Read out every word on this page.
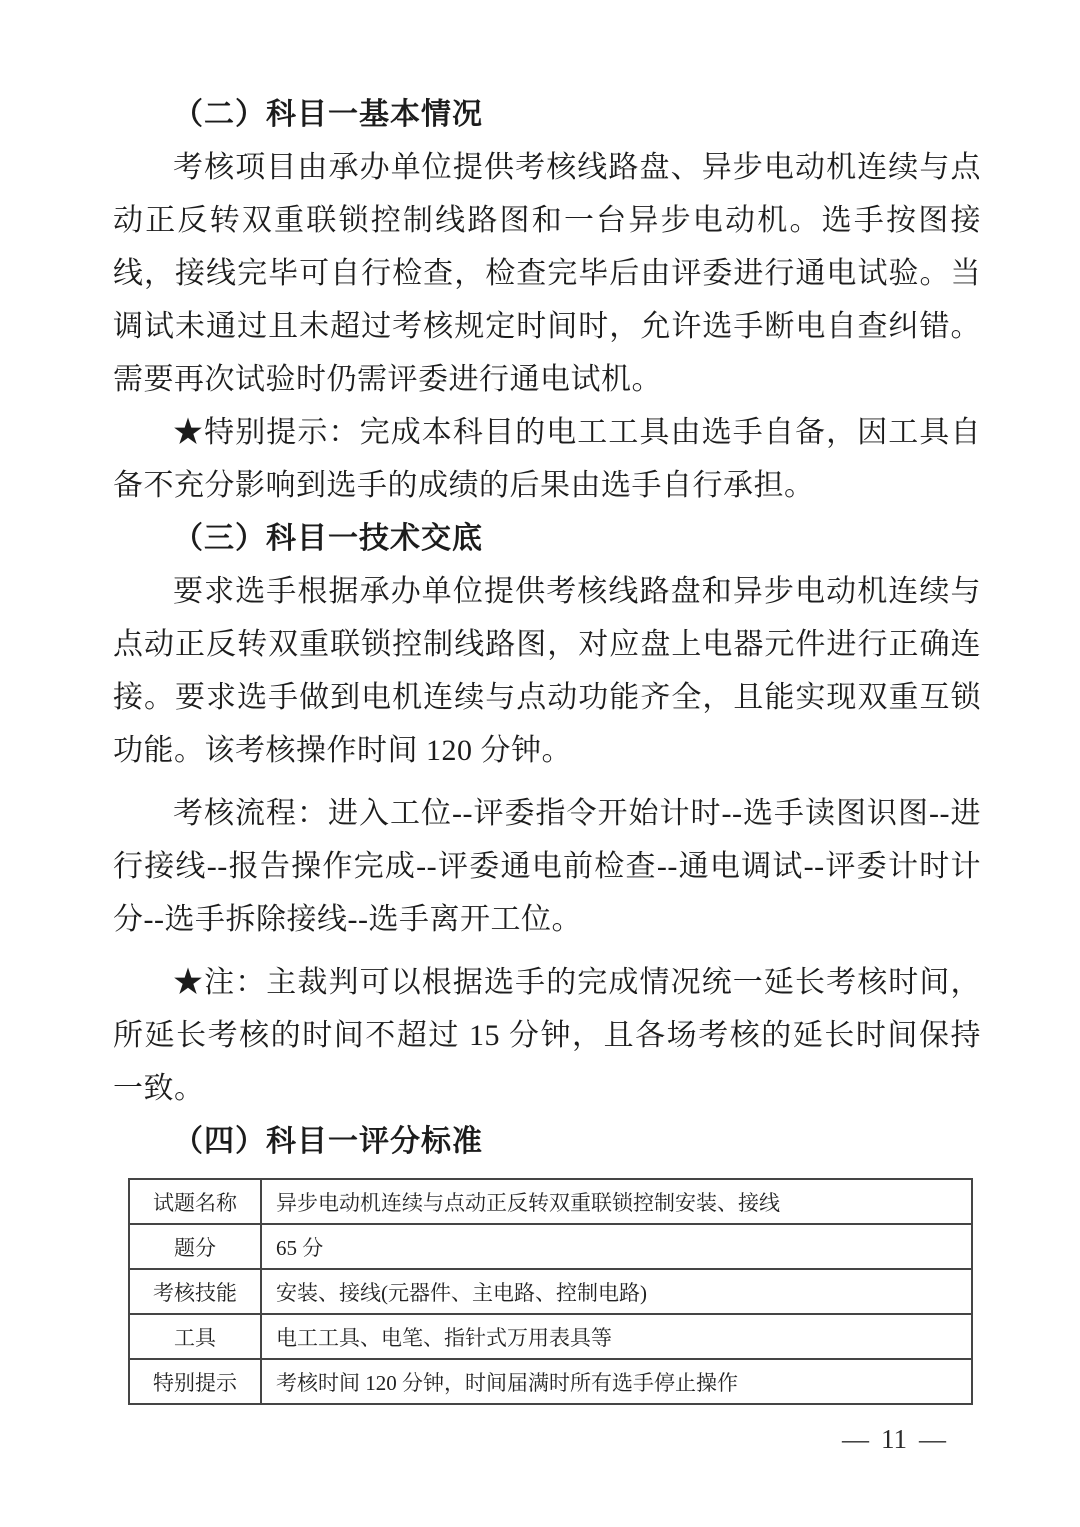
（二）科目一基本情况

考核项目由承办单位提供考核线路盘、异步电动机连续与点动正反转双重联锁控制线路图和一台异步电动机。选手按图接线，接线完毕可自行检查，检查完毕后由评委进行通电试验。当调试未通过且未超过考核规定时间时，允许选手断电自查纠错。需要再次试验时仍需评委进行通电试机。

★特别提示：完成本科目的电工工具由选手自备，因工具自备不充分影响到选手的成绩的后果由选手自行承担。

（三）科目一技术交底

要求选手根据承办单位提供考核线路盘和异步电动机连续与点动正反转双重联锁控制线路图，对应盘上电器元件进行正确连接。要求选手做到电机连续与点动功能齐全，且能实现双重互锁功能。该考核操作时间 120 分钟。

考核流程：进入工位--评委指令开始计时--选手读图识图--进行接线--报告操作完成--评委通电前检查--通电调试--评委计时计分--选手拆除接线--选手离开工位。

★注：主裁判可以根据选手的完成情况统一延长考核时间，所延长考核的时间不超过 15 分钟，且各场考核的延长时间保持一致。

（四）科目一评分标准

试题名称	异步电动机连续与点动正反转双重联锁控制安装、接线
题分	65 分
考核技能	安装、接线(元器件、主电路、控制电路)
工具	电工工具、电笔、指针式万用表具等
特别提示	考核时间 120 分钟，时间届满时所有选手停止操作
— 11 —
